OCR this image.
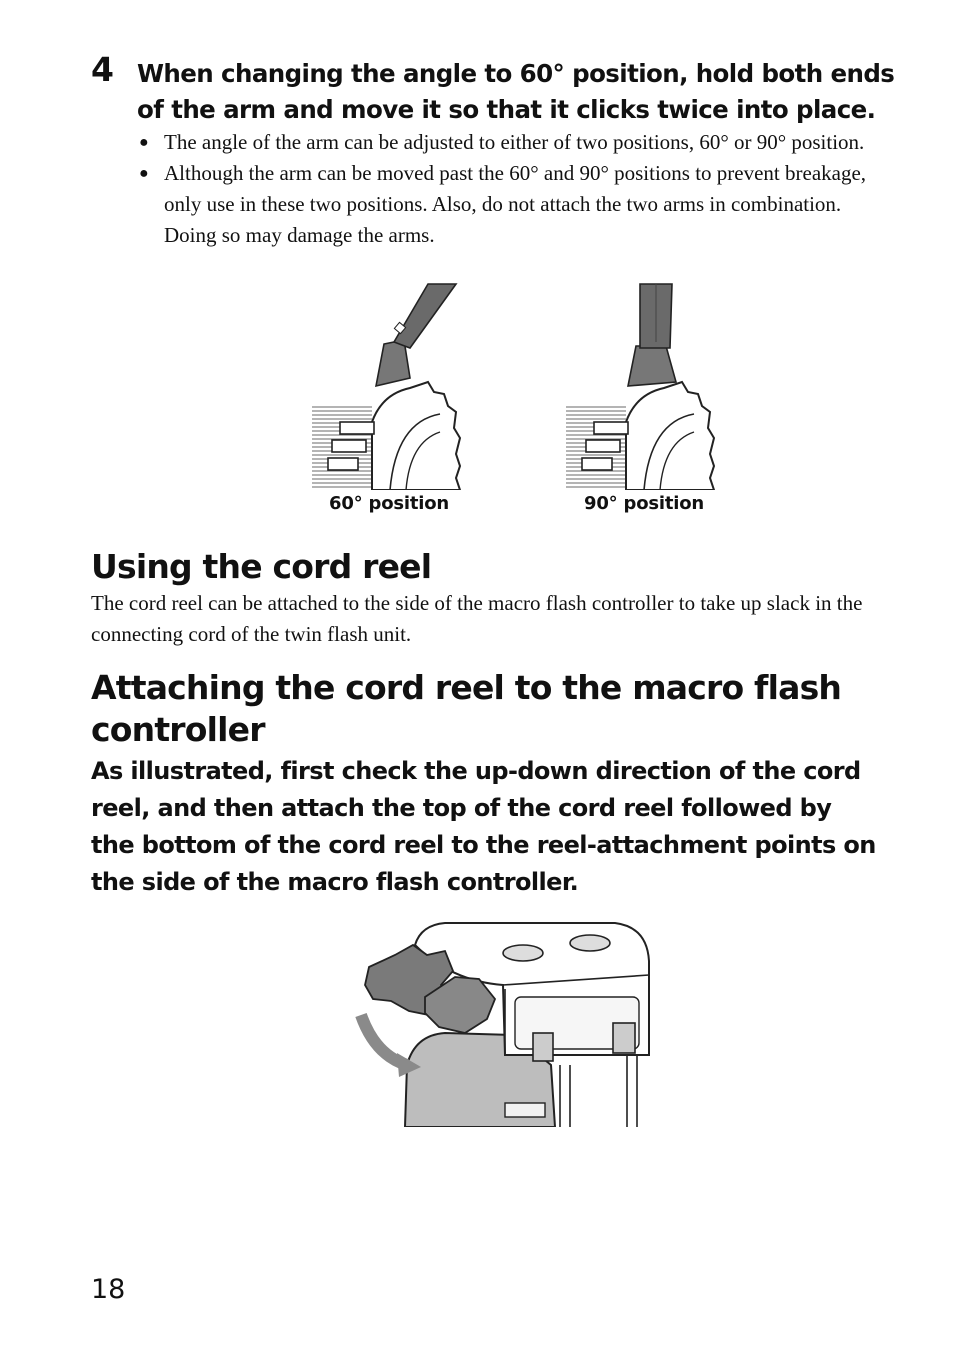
4 When changing the angle to 60° position, hold both ends of the arm and move it so that it clicks twice into place.
● The angle of the arm can be adjusted to either of two positions, 60° or 90° position.
● Although the arm can be moved past the 60° and 90° positions to prevent breakage, only use in these two positions. Also, do not attach the two arms in combination. Doing so may damage the arms.
60° position	90° position
Using the cord reel

The cord reel can be attached to the side of the macro flash controller to take up slack in the connecting cord of the twin flash unit.

Attaching the cord reel to the macro flash
controller

As illustrated, first check the up-down direction of the cord reel, and then attach the top of the cord reel followed by the bottom of the cord reel to the reel-attachment points on the side of the macro flash controller.

18
